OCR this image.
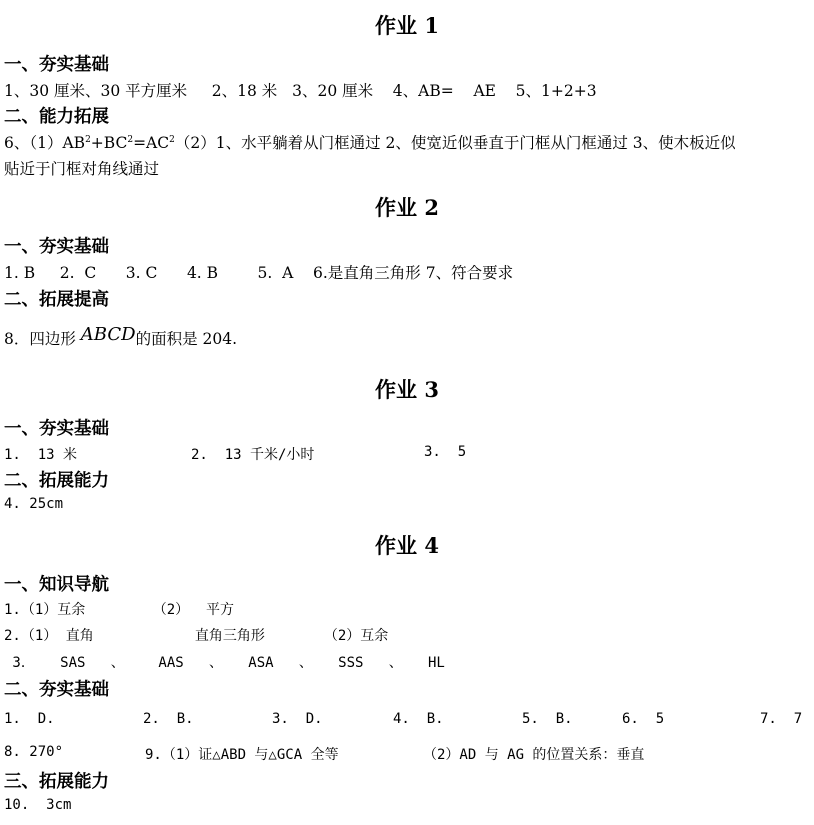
作业 1
一、夯实基础
1、30 厘米、30 平方厘米     2、18 米   3、20 厘米    4、AB=    AE    5、1+2+3
二、能力拓展
6、$(1)AB^2+BC^2=AC^2(2)1$、水平躺着从门框通过 2、使宽近似垂直于门框从门框通过 3、使木板近似
贴近于门框对角线通过
作业 2
一、夯实基础
1. B     2.  C      3. C      4. B        5.  A    6.是直角三角形 7、符合要求
二、拓展提高
8．四边形 ABCD的面积是 204.
作业 3
一、夯实基础
1.  13 米	2.  13 千米/小时	3.  5
二、拓展能力
4. 25cm
作业 4
一、知识导航
1.（1）互余        （2）  平方
2.（1） 直角            直角三角形       （2）互余
3．   SAS   、    AAS   、   ASA   、   SSS   、   HL
二、夯实基础
1.  D.	2.  B.	3.  D.	4.  B.	5.  B.	6.  5	7.  7
8. 270°	9.（1）证△ABD 与△GCA 全等	（2）AD 与 AG 的位置关系：垂直
三、拓展能力
10.  3cm
